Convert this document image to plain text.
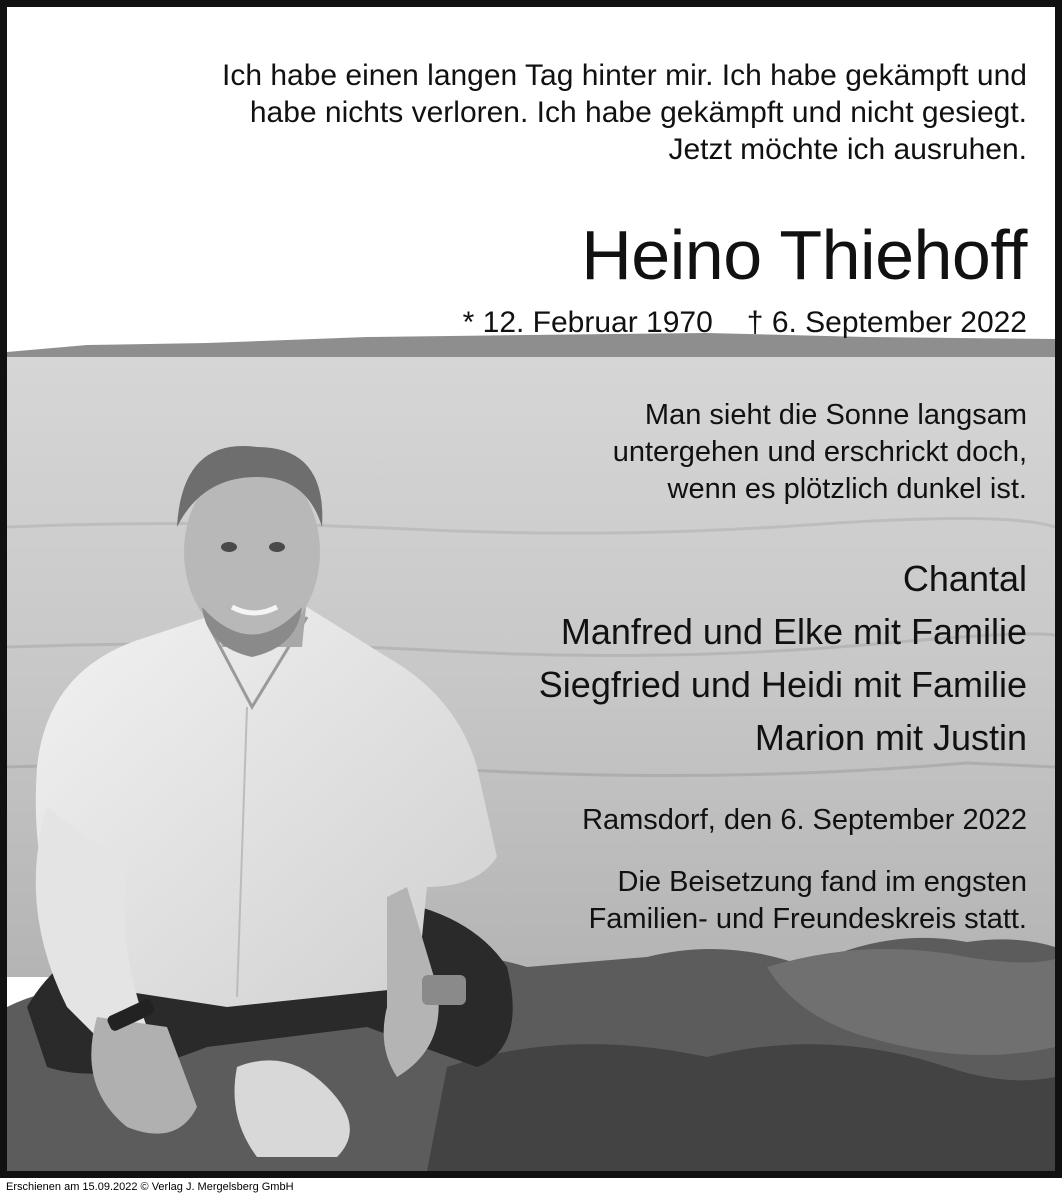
Ich habe einen langen Tag hinter mir. Ich habe gekämpft und
habe nichts verloren. Ich habe gekämpft und nicht gesiegt.
Jetzt möchte ich ausruhen.
Heino Thiehoff
* 12. Februar 1970 † 6. September 2022
Man sieht die Sonne langsam
untergehen und erschrickt doch,
wenn es plötzlich dunkel ist.
Chantal
Manfred und Elke mit Familie
Siegfried und Heidi mit Familie
Marion mit Justin
Ramsdorf, den 6. September 2022
Die Beisetzung fand im engsten
Familien- und Freundeskreis statt.
Erschienen am 15.09.2022 © Verlag J. Mergelsberg GmbH
